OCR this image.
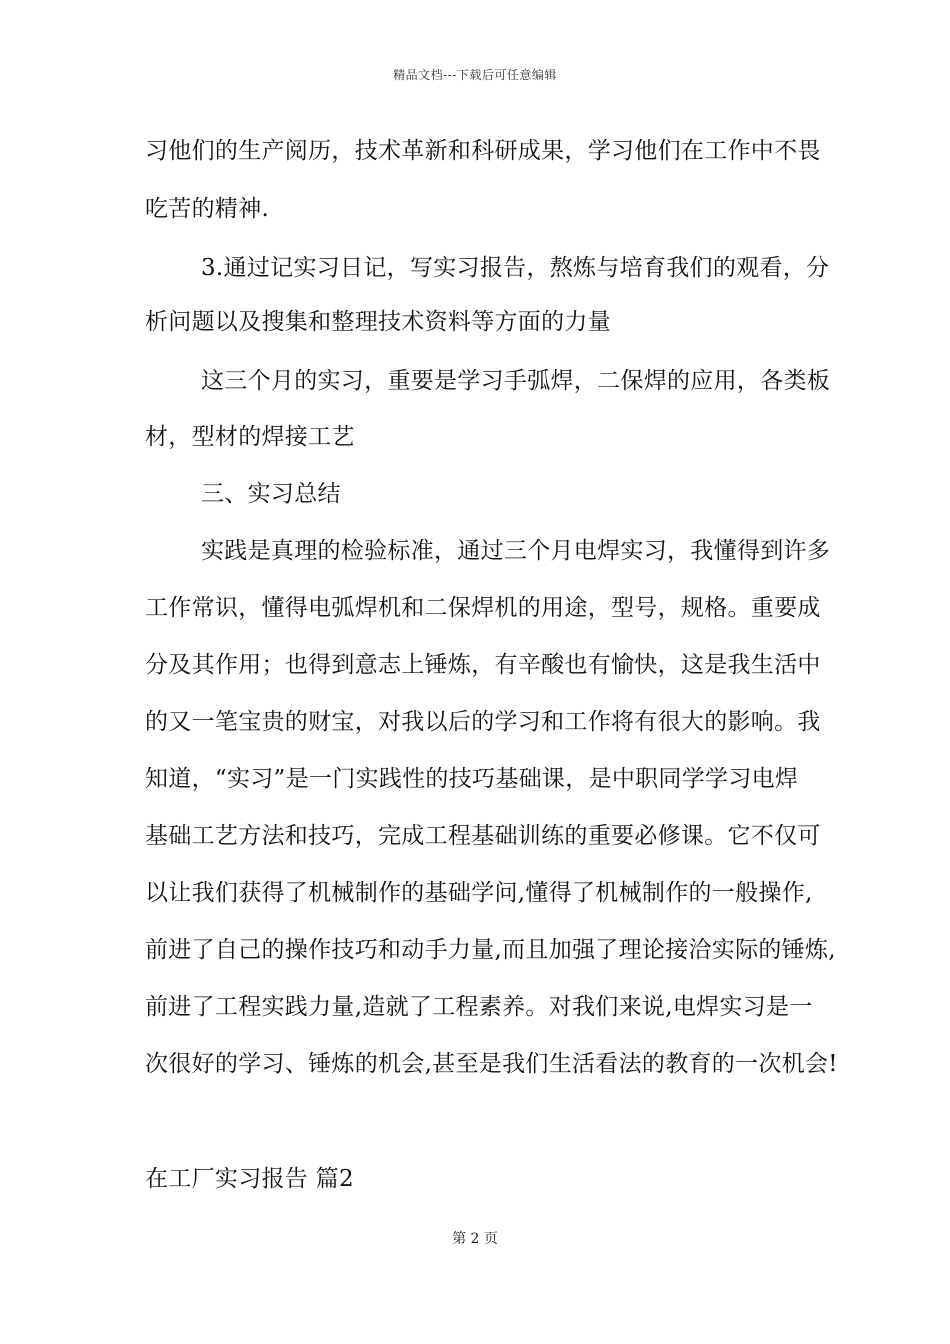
精品文档---下载后可任意编辑
习他们的生产阅历，技术革新和科研成果，学习他们在工作中不畏
吃苦的精神.
3.通过记实习日记，写实习报告，熬炼与培育我们的观看，分
析问题以及搜集和整理技术资料等方面的力量
这三个月的实习，重要是学习手弧焊，二保焊的应用，各类板
材，型材的焊接工艺
三、实习总结
实践是真理的检验标准，通过三个月电焊实习，我懂得到许多
工作常识，懂得电弧焊机和二保焊机的用途，型号，规格。重要成
分及其作用；也得到意志上锤炼，有辛酸也有愉快，这是我生活中
的又一笔宝贵的财宝，对我以后的学习和工作将有很大的影响。我
知道，“实习”是一门实践性的技巧基础课，是中职同学学习电焊
基础工艺方法和技巧，完成工程基础训练的重要必修课。它不仅可
以让我们获得了机械制作的基础学问,懂得了机械制作的一般操作,
前进了自己的操作技巧和动手力量,而且加强了理论接洽实际的锤炼,
前进了工程实践力量,造就了工程素养。对我们来说,电焊实习是一
次很好的学习、锤炼的机会,甚至是我们生活看法的教育的一次机会!
在工厂实习报告 篇2
第 2 页
